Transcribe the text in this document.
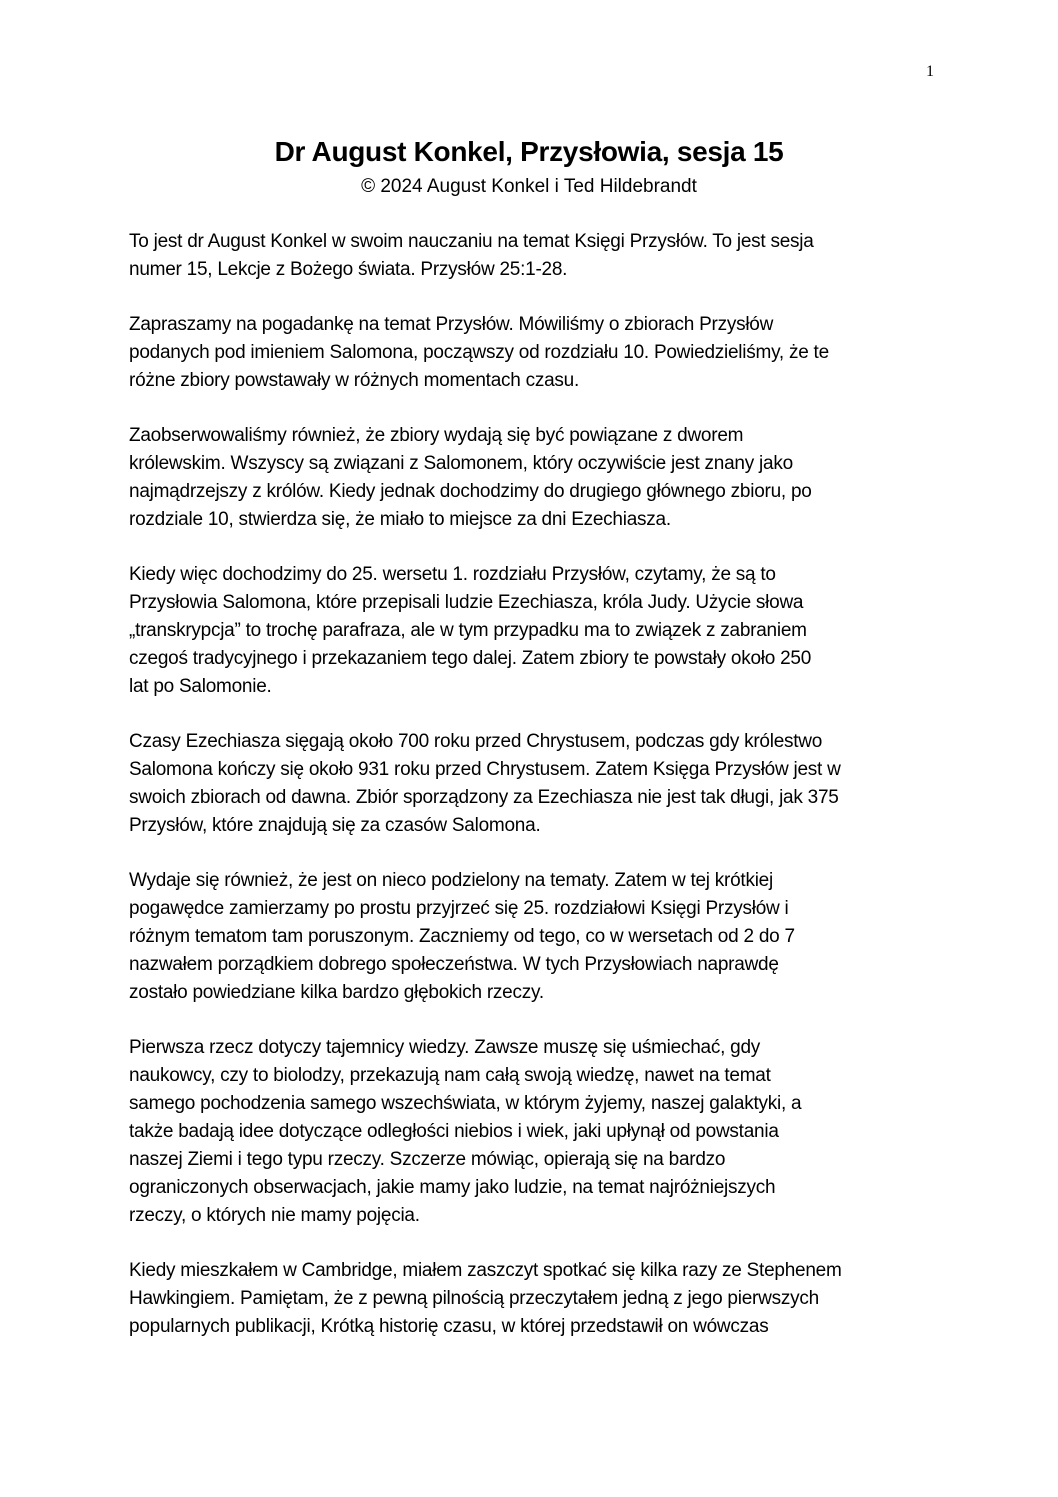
1
Dr August Konkel, Przysłowia, sesja 15
© 2024 August Konkel i Ted Hildebrandt

To jest dr August Konkel w swoim nauczaniu na temat Księgi Przysłów. To jest sesja
numer 15, Lekcje z Bożego świata. Przysłów 25:1-28.

Zapraszamy na pogadankę na temat Przysłów. Mówiliśmy o zbiorach Przysłów
podanych pod imieniem Salomona, począwszy od rozdziału 10. Powiedzieliśmy, że te
różne zbiory powstawały w różnych momentach czasu.

Zaobserwowaliśmy również, że zbiory wydają się być powiązane z dworem
królewskim. Wszyscy są związani z Salomonem, który oczywiście jest znany jako
najmądrzejszy z królów. Kiedy jednak dochodzimy do drugiego głównego zbioru, po
rozdziale 10, stwierdza się, że miało to miejsce za dni Ezechiasza.

Kiedy więc dochodzimy do 25. wersetu 1. rozdziału Przysłów, czytamy, że są to
Przysłowia Salomona, które przepisali ludzie Ezechiasza, króla Judy. Użycie słowa
„transkrypcja” to trochę parafraza, ale w tym przypadku ma to związek z zabraniem
czegoś tradycyjnego i przekazaniem tego dalej. Zatem zbiory te powstały około 250
lat po Salomonie.

Czasy Ezechiasza sięgają około 700 roku przed Chrystusem, podczas gdy królestwo
Salomona kończy się około 931 roku przed Chrystusem. Zatem Księga Przysłów jest w
swoich zbiorach od dawna. Zbiór sporządzony za Ezechiasza nie jest tak długi, jak 375
Przysłów, które znajdują się za czasów Salomona.

Wydaje się również, że jest on nieco podzielony na tematy. Zatem w tej krótkiej
pogawędce zamierzamy po prostu przyjrzeć się 25. rozdziałowi Księgi Przysłów i
różnym tematom tam poruszonym. Zaczniemy od tego, co w wersetach od 2 do 7
nazwałem porządkiem dobrego społeczeństwa. W tych Przysłowiach naprawdę
zostało powiedziane kilka bardzo głębokich rzeczy.

Pierwsza rzecz dotyczy tajemnicy wiedzy. Zawsze muszę się uśmiechać, gdy
naukowcy, czy to biolodzy, przekazują nam całą swoją wiedzę, nawet na temat
samego pochodzenia samego wszechświata, w którym żyjemy, naszej galaktyki, a
także badają idee dotyczące odległości niebios i wiek, jaki upłynął od powstania
naszej Ziemi i tego typu rzeczy. Szczerze mówiąc, opierają się na bardzo
ograniczonych obserwacjach, jakie mamy jako ludzie, na temat najróżniejszych
rzeczy, o których nie mamy pojęcia.

Kiedy mieszkałem w Cambridge, miałem zaszczyt spotkać się kilka razy ze Stephenem
Hawkingiem. Pamiętam, że z pewną pilnością przeczytałem jedną z jego pierwszych
popularnych publikacji, Krótką historię czasu, w której przedstawił on wówczas
